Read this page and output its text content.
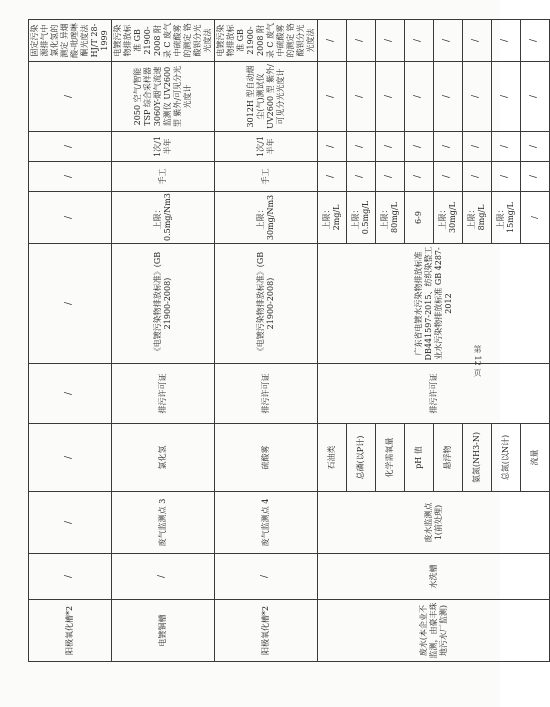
第 12 页
阳极氧化槽*2	/	/	/	/	/	/	/	/	/	固定污染源排气中氯化氢的测定 异烟酸-吡唑啉酮光度法 HJ/T 28-1999
电镀铜槽	/	废气监测点 3	氯化氢	排污许可证	《电镀污染物排放标准》(GB 21900-2008)	上限：0.5mg/Nm3	手工	1次/1半年	2050 空气/智能 TSP 综合采样器 3060Y-烟气流速监测仪 UV2600 型 紫外/可见分光光度计	电镀污染物排放标准 GB 21900-2008 附录 C 废气中硫酸雾的测定 铬酸钡分光光度法
阳极氧化槽*2	/	废气监测点 4	硫酸雾	排污许可证	《电镀污染物排放标准》(GB 21900-2008)	上限：30mg/Nm3	手工	1次/1半年	3012H 型自动烟尘(气)测试仪 UV2600 型 紫外/可见分光光度计	电镀污染物排放标准 GB 21900-2008 附录 C 废气中硫酸雾的测定 铬酸钡分光光度法
废水(本企业不监测，由豪丰珠地污水厂监测)	水洗槽	废水监测点 1(前处理)	石油类	排污许可证	广东省电镀水污染物排放标准 DB441597-2015、纺织染整工业水污染物排放标准 GB 4287-2012	上限：2mg/L	/	/	/	/
			总磷(以P计)			上限：0.5mg/L	/	/	/	/
			化学需氧量			上限：80mg/L	/	/	/	/
			pH 值			6-9	/	/	/	/
			悬浮物			上限：30mg/L	/	/	/	/
			氨氮(NH3-N)			上限：8mg/L	/	/	/	/
			总氮(以N计)			上限：15mg/L	/	/	/	/
			流量			/	/	/	/	/
